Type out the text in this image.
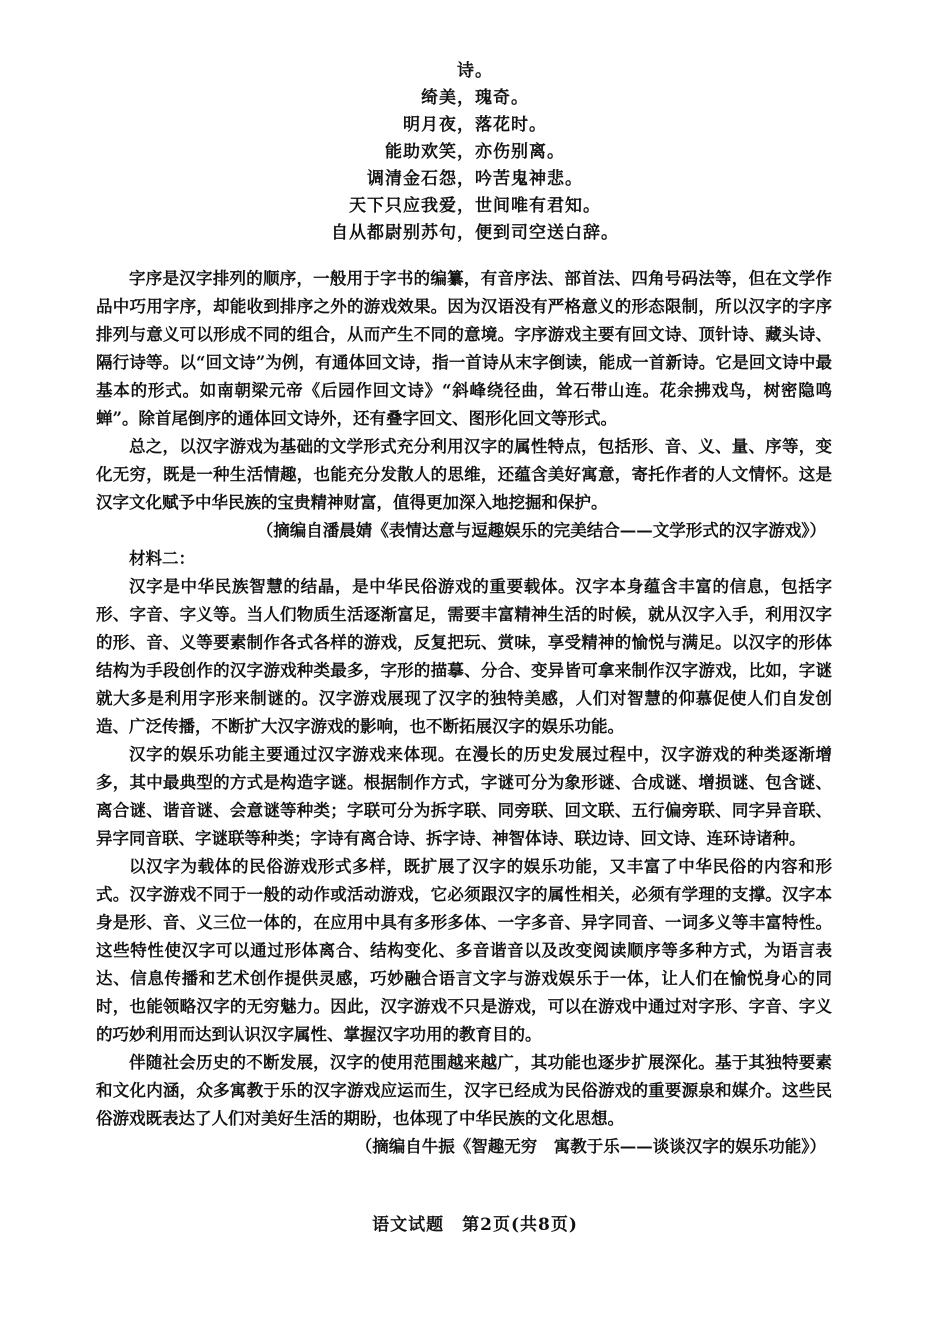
诗。
绮美，瑰奇。
明月夜，落花时。
能助欢笑，亦伤别离。
调清金石怨，吟苦鬼神悲。
天下只应我爱，世间唯有君知。
自从都尉别苏句，便到司空送白辞。

字序是汉字排列的顺序，一般用于字书的编纂，有音序法、部首法、四角号码法等，但在文学作品中巧用字序，却能收到排序之外的游戏效果。因为汉语没有严格意义的形态限制，所以汉字的字序排列与意义可以形成不同的组合，从而产生不同的意境。字序游戏主要有回文诗、顶针诗、藏头诗、隔行诗等。以“回文诗”为例，有通体回文诗，指一首诗从末字倒读，能成一首新诗。它是回文诗中最基本的形式。如南朝梁元帝《后园作回文诗》“斜峰绕径曲，耸石带山连。花余拂戏鸟，树密隐鸣蝉”。除首尾倒序的通体回文诗外，还有叠字回文、图形化回文等形式。

总之，以汉字游戏为基础的文学形式充分利用汉字的属性特点，包括形、音、义、量、序等，变化无穷，既是一种生活情趣，也能充分发散人的思维，还蕴含美好寓意，寄托作者的人文情怀。这是汉字文化赋予中华民族的宝贵精神财富，值得更加深入地挖掘和保护。

（摘编自潘晨婧《表情达意与逗趣娱乐的完美结合——文学形式的汉字游戏》）

材料二：

汉字是中华民族智慧的结晶，是中华民俗游戏的重要载体。汉字本身蕴含丰富的信息，包括字形、字音、字义等。当人们物质生活逐渐富足，需要丰富精神生活的时候，就从汉字入手，利用汉字的形、音、义等要素制作各式各样的游戏，反复把玩、赏味，享受精神的愉悦与满足。以汉字的形体结构为手段创作的汉字游戏种类最多，字形的描摹、分合、变异皆可拿来制作汉字游戏，比如，字谜就大多是利用字形来制谜的。汉字游戏展现了汉字的独特美感，人们对智慧的仰慕促使人们自发创造、广泛传播，不断扩大汉字游戏的影响，也不断拓展汉字的娱乐功能。

汉字的娱乐功能主要通过汉字游戏来体现。在漫长的历史发展过程中，汉字游戏的种类逐渐增多，其中最典型的方式是构造字谜。根据制作方式，字谜可分为象形谜、合成谜、增损谜、包含谜、离合谜、谐音谜、会意谜等种类；字联可分为拆字联、同旁联、回文联、五行偏旁联、同字异音联、异字同音联、字谜联等种类；字诗有离合诗、拆字诗、神智体诗、联边诗、回文诗、连环诗诸种。

以汉字为载体的民俗游戏形式多样，既扩展了汉字的娱乐功能，又丰富了中华民俗的内容和形式。汉字游戏不同于一般的动作或活动游戏，它必须跟汉字的属性相关，必须有学理的支撑。汉字本身是形、音、义三位一体的，在应用中具有多形多体、一字多音、异字同音、一词多义等丰富特性。这些特性使汉字可以通过形体离合、结构变化、多音谐音以及改变阅读顺序等多种方式，为语言表达、信息传播和艺术创作提供灵感，巧妙融合语言文字与游戏娱乐于一体，让人们在愉悦身心的同时，也能领略汉字的无穷魅力。因此，汉字游戏不只是游戏，可以在游戏中通过对字形、字音、字义的巧妙利用而达到认识汉字属性、掌握汉字功用的教育目的。

伴随社会历史的不断发展，汉字的使用范围越来越广，其功能也逐步扩展深化。基于其独特要素和文化内涵，众多寓教于乐的汉字游戏应运而生，汉字已经成为民俗游戏的重要源泉和媒介。这些民俗游戏既表达了人们对美好生活的期盼，也体现了中华民族的文化思想。

（摘编自牛振《智趣无穷　寓教于乐——谈谈汉字的娱乐功能》）

语文试题　第2页(共8页)
